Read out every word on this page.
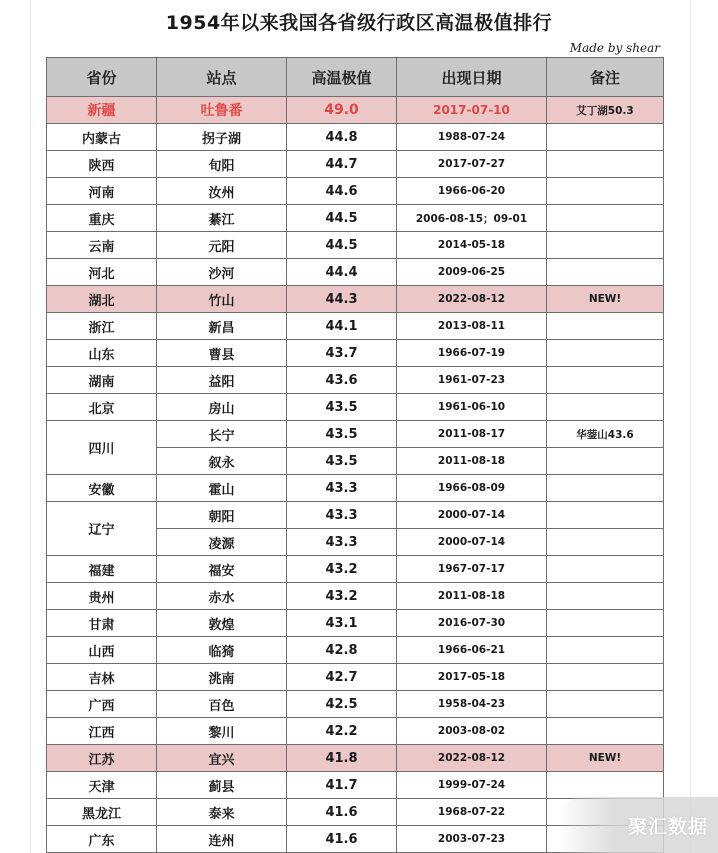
1954年以来我国各省级行政区高温极值排行
Made by shear
省份	站点	高温极值	出现日期	备注
新疆	吐鲁番	49.0	2017-07-10	艾丁湖50.3
内蒙古	拐子湖	44.8	1988-07-24	
陕西	旬阳	44.7	2017-07-27	
河南	汝州	44.6	1966-06-20	
重庆	綦江	44.5	2006-08-15；09-01	
云南	元阳	44.5	2014-05-18	
河北	沙河	44.4	2009-06-25	
湖北	竹山	44.3	2022-08-12	NEW!
浙江	新昌	44.1	2013-08-11	
山东	曹县	43.7	1966-07-19	
湖南	益阳	43.6	1961-07-23	
北京	房山	43.5	1961-06-10	
四川	长宁	43.5	2011-08-17	华蓥山43.6
	叙永	43.5	2011-08-18	
安徽	霍山	43.3	1966-08-09	
辽宁	朝阳	43.3	2000-07-14	
	凌源	43.3	2000-07-14	
福建	福安	43.2	1967-07-17	
贵州	赤水	43.2	2011-08-18	
甘肃	敦煌	43.1	2016-07-30	
山西	临猗	42.8	1966-06-21	
吉林	洮南	42.7	2017-05-18	
广西	百色	42.5	1958-04-23	
江西	黎川	42.2	2003-08-02	
江苏	宜兴	41.8	2022-08-12	NEW!
天津	蓟县	41.7	1999-07-24	
黑龙江	泰来	41.6	1968-07-22	
广东	连州	41.6	2003-07-23	
聚汇数据
